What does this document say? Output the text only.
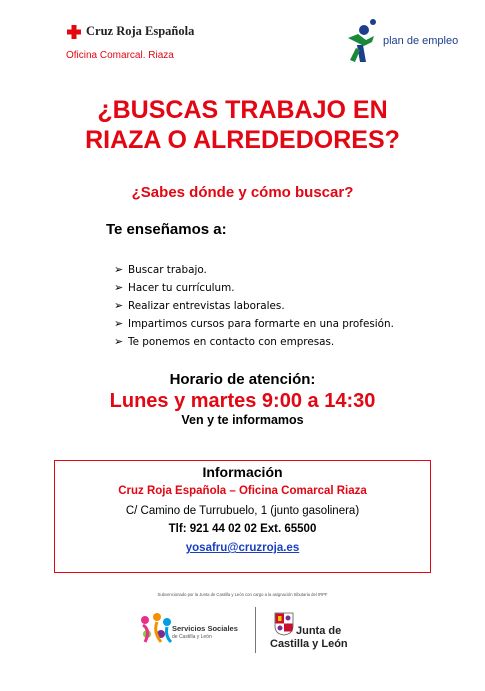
Cruz Roja Española
Oficina Comarcal. Riaza
plan de empleo
¿BUSCAS TRABAJO EN
RIAZA O ALREDEDORES?
¿Sabes dónde y cómo buscar?
Te enseñamos a:
➢ Buscar trabajo.
➢ Hacer tu currículum.
➢ Realizar entrevistas laborales.
➢ Impartimos cursos para formarte en una profesión.
➢ Te ponemos en contacto con empresas.
Horario de atención:
Lunes y martes 9:00 a 14:30
Ven y te informamos
Información
Cruz Roja Española – Oficina Comarcal Riaza
C/ Camino de Turrubuelo, 1 (junto gasolinera)
Tlf: 921 44 02 02 Ext. 65500
yosafru@cruzroja.es
Subvencionado por la Junta de Castilla y León con cargo a la asignación tributaria del IRPF
Servicios Sociales
de Castilla y León	Junta de
Castilla y León
